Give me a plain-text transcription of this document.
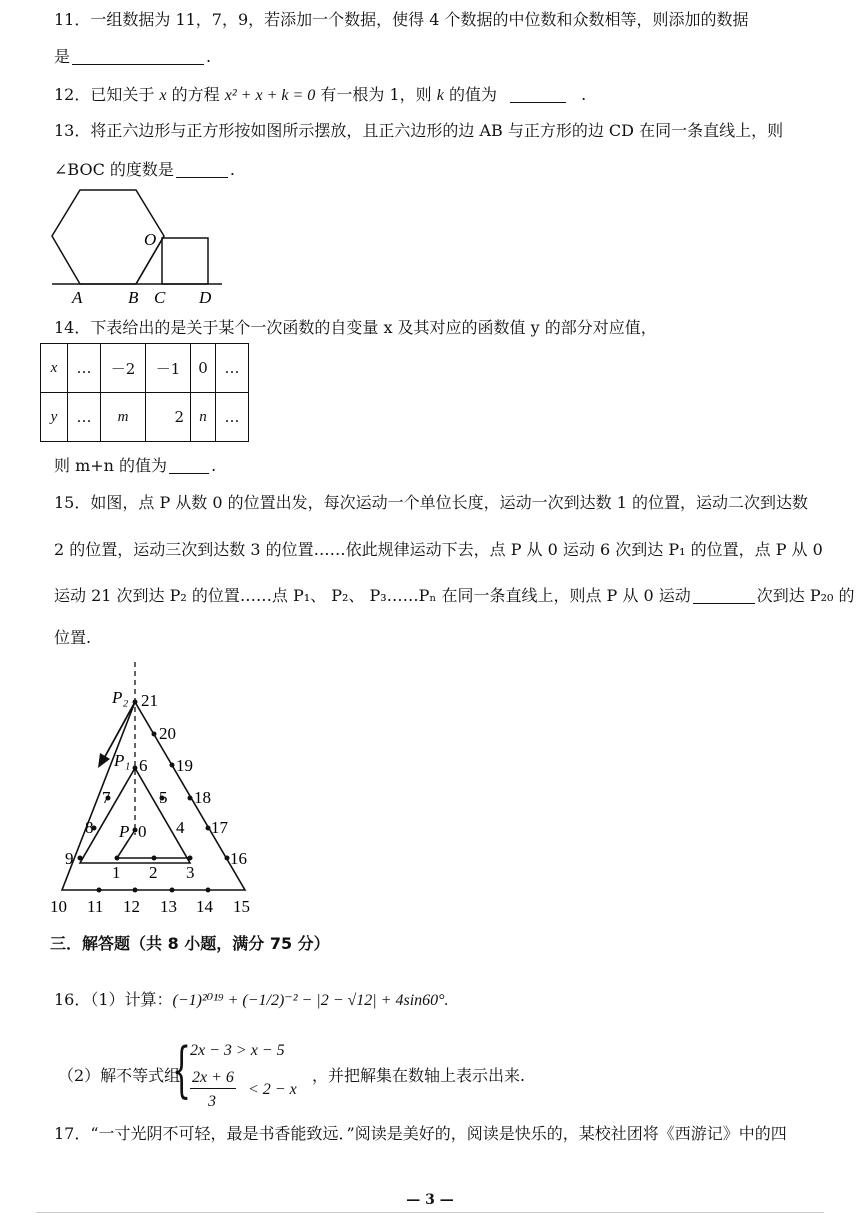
11．一组数据为 11，7，9，若添加一个数据，使得 4 个数据的中位数和众数相等，则添加的数据
是	.
12．已知关于 x 的方程 x² + x + k = 0 有一根为 1，则 k 的值为	.
13．将正六边形与正方形按如图所示摆放，且正六边形的边 AB 与正方形的边 CD 在同一条直线上，则
∠BOC 的度数是	.
O
A	B C D
14．下表给出的是关于某个一次函数的自变量 x 及其对应的函数值 y 的部分对应值，
x	…	－2	－1	0	…
y	…	m	2	n	…
则 m+n 的值为	.
15．如图，点 P 从数 0 的位置出发，每次运动一个单位长度，运动一次到达数 1 的位置，运动二次到达数
2 的位置，运动三次到达数 3 的位置……依此规律运动下去，点 P 从 0 运动 6 次到达 P₁ 的位置，点 P 从 0
运动 21 次到达 P₂ 的位置……点 P₁、 P₂、 P₃……Pₙ 在同一条直线上，则点 P 从 0 运动	次到达 P₂₀ 的
位置.
0
1 2 3
4
5
6
7
8
9
10 11 12 13 14 15
16
17
18
19
20
21
P
P₁
P₂
三．解答题（共 8 小题，满分 75 分）
16．（1）计算：(−1)²⁰¹⁹ + (−1/2)⁻² − |2 − √12| + 4sin60°.
（2）解不等式组
{
2x − 3 > x − 5
2x + 6
3
< 2 − x
，并把解集在数轴上表示出来.
17．“一寸光阴不可轻，最是书香能致远．”阅读是美好的，阅读是快乐的，某校社团将《西游记》中的四
— 3 —
